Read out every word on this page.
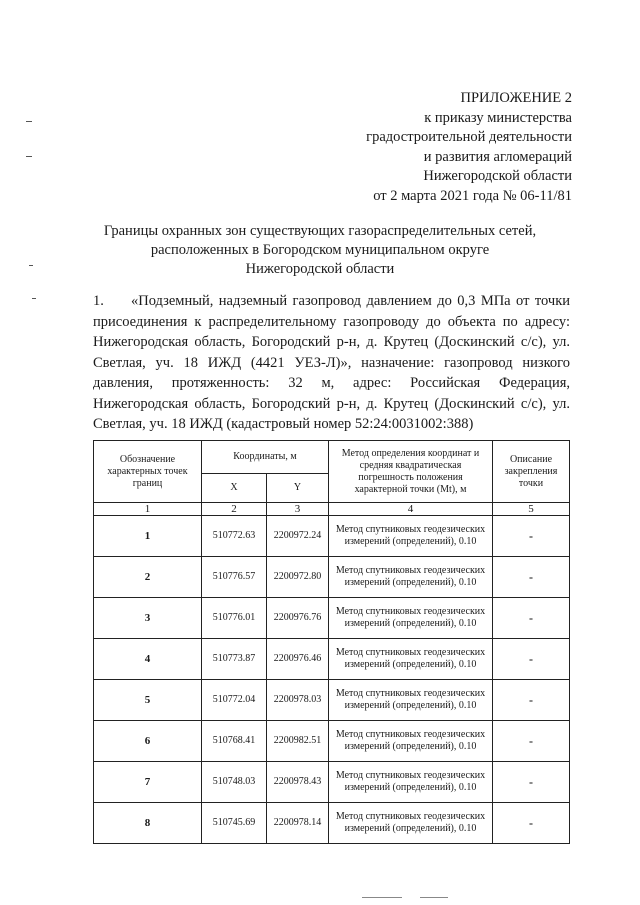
ПРИЛОЖЕНИЕ 2
к приказу министерства
градостроительной деятельности
и развития агломераций
Нижегородской области
от 2 марта 2021 года № 06-11/81
Границы охранных зон существующих газораспределительных сетей,
расположенных в Богородском муниципальном округе
Нижегородской области
1. «Подземный, надземный газопровод давлением до 0,3 МПа от точки присоединения к распределительному газопроводу до объекта по адресу: Нижегородская область, Богородский р-н, д. Крутец (Доскинский с/с), ул. Светлая, уч. 18 ИЖД (4421 УЕЗ-Л)», назначение: газопровод низкого давления, протяженность: 32 м, адрес: Российская Федерация, Нижегородская область, Богородский р-н, д. Крутец (Доскинский с/с), ул. Светлая, уч. 18 ИЖД (кадастровый номер 52:24:0031002:388)
Обозначение характерных точек границ	Координаты, м		Метод определения координат и средняя квадратическая погрешность положения характерной точки (Mt), м	Описание закрепления точки
	X	Y		
1	2	3	4	5
1	510772.63	2200972.24	Метод спутниковых геодезических измерений (определений), 0.10	-
2	510776.57	2200972.80	Метод спутниковых геодезических измерений (определений), 0.10	-
3	510776.01	2200976.76	Метод спутниковых геодезических измерений (определений), 0.10	-
4	510773.87	2200976.46	Метод спутниковых геодезических измерений (определений), 0.10	-
5	510772.04	2200978.03	Метод спутниковых геодезических измерений (определений), 0.10	-
6	510768.41	2200982.51	Метод спутниковых геодезических измерений (определений), 0.10	-
7	510748.03	2200978.43	Метод спутниковых геодезических измерений (определений), 0.10	-
8	510745.69	2200978.14	Метод спутниковых геодезических измерений (определений), 0.10	-
